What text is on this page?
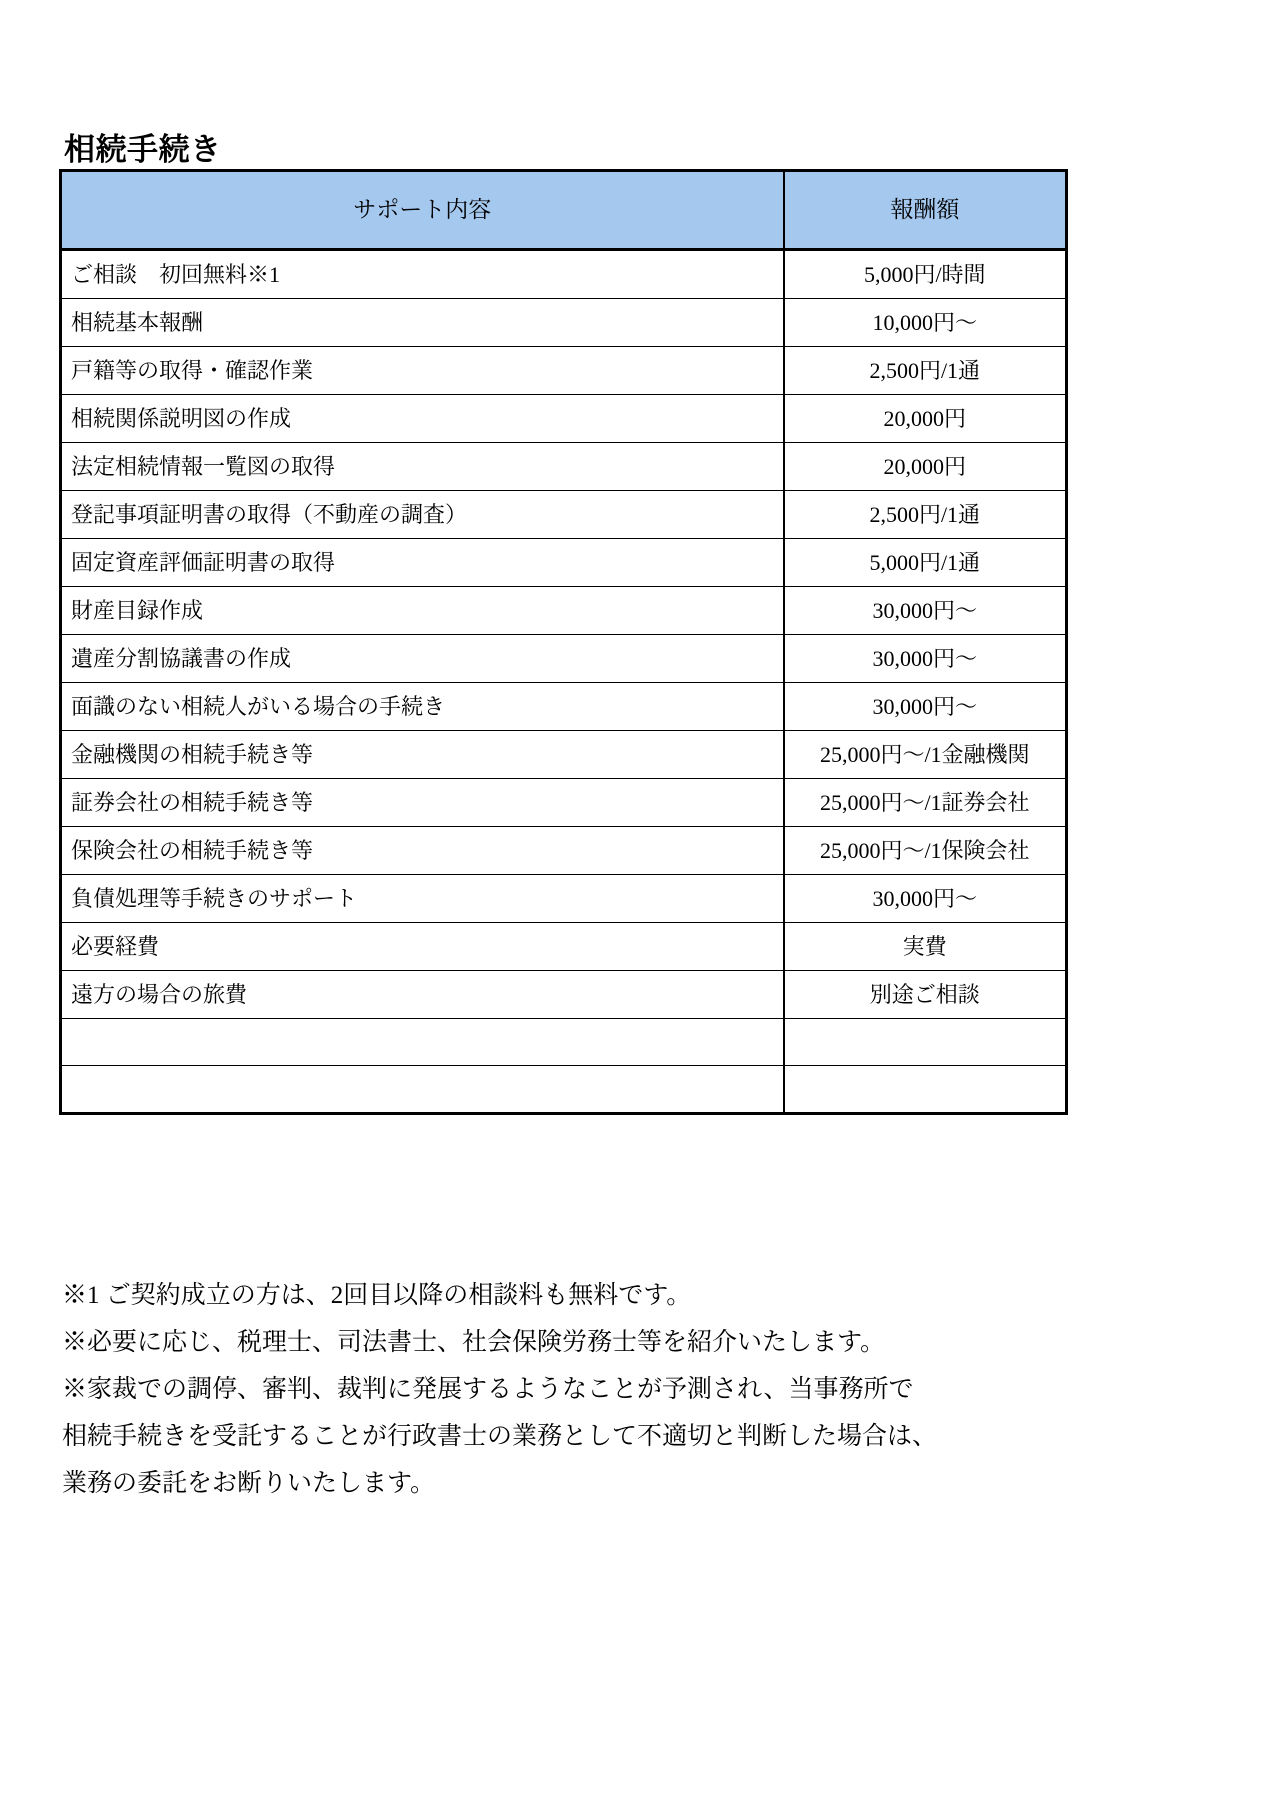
相続手続き
サポート内容	報酬額
ご相談　初回無料※1	5,000円/時間
相続基本報酬	10,000円～
戸籍等の取得・確認作業	2,500円/1通
相続関係説明図の作成	20,000円
法定相続情報一覧図の取得	20,000円
登記事項証明書の取得（不動産の調査）	2,500円/1通
固定資産評価証明書の取得	5,000円/1通
財産目録作成	30,000円～
遺産分割協議書の作成	30,000円～
面識のない相続人がいる場合の手続き	30,000円～
金融機関の相続手続き等	25,000円～/1金融機関
証券会社の相続手続き等	25,000円～/1証券会社
保険会社の相続手続き等	25,000円～/1保険会社
負債処理等手続きのサポート	30,000円～
必要経費	実費
遠方の場合の旅費	別途ご相談

※1 ご契約成立の方は、2回目以降の相談料も無料です。
※必要に応じ、税理士、司法書士、社会保険労務士等を紹介いたします。
※家裁での調停、審判、裁判に発展するようなことが予測され、当事務所で
相続手続きを受託することが行政書士の業務として不適切と判断した場合は、
業務の委託をお断りいたします。
